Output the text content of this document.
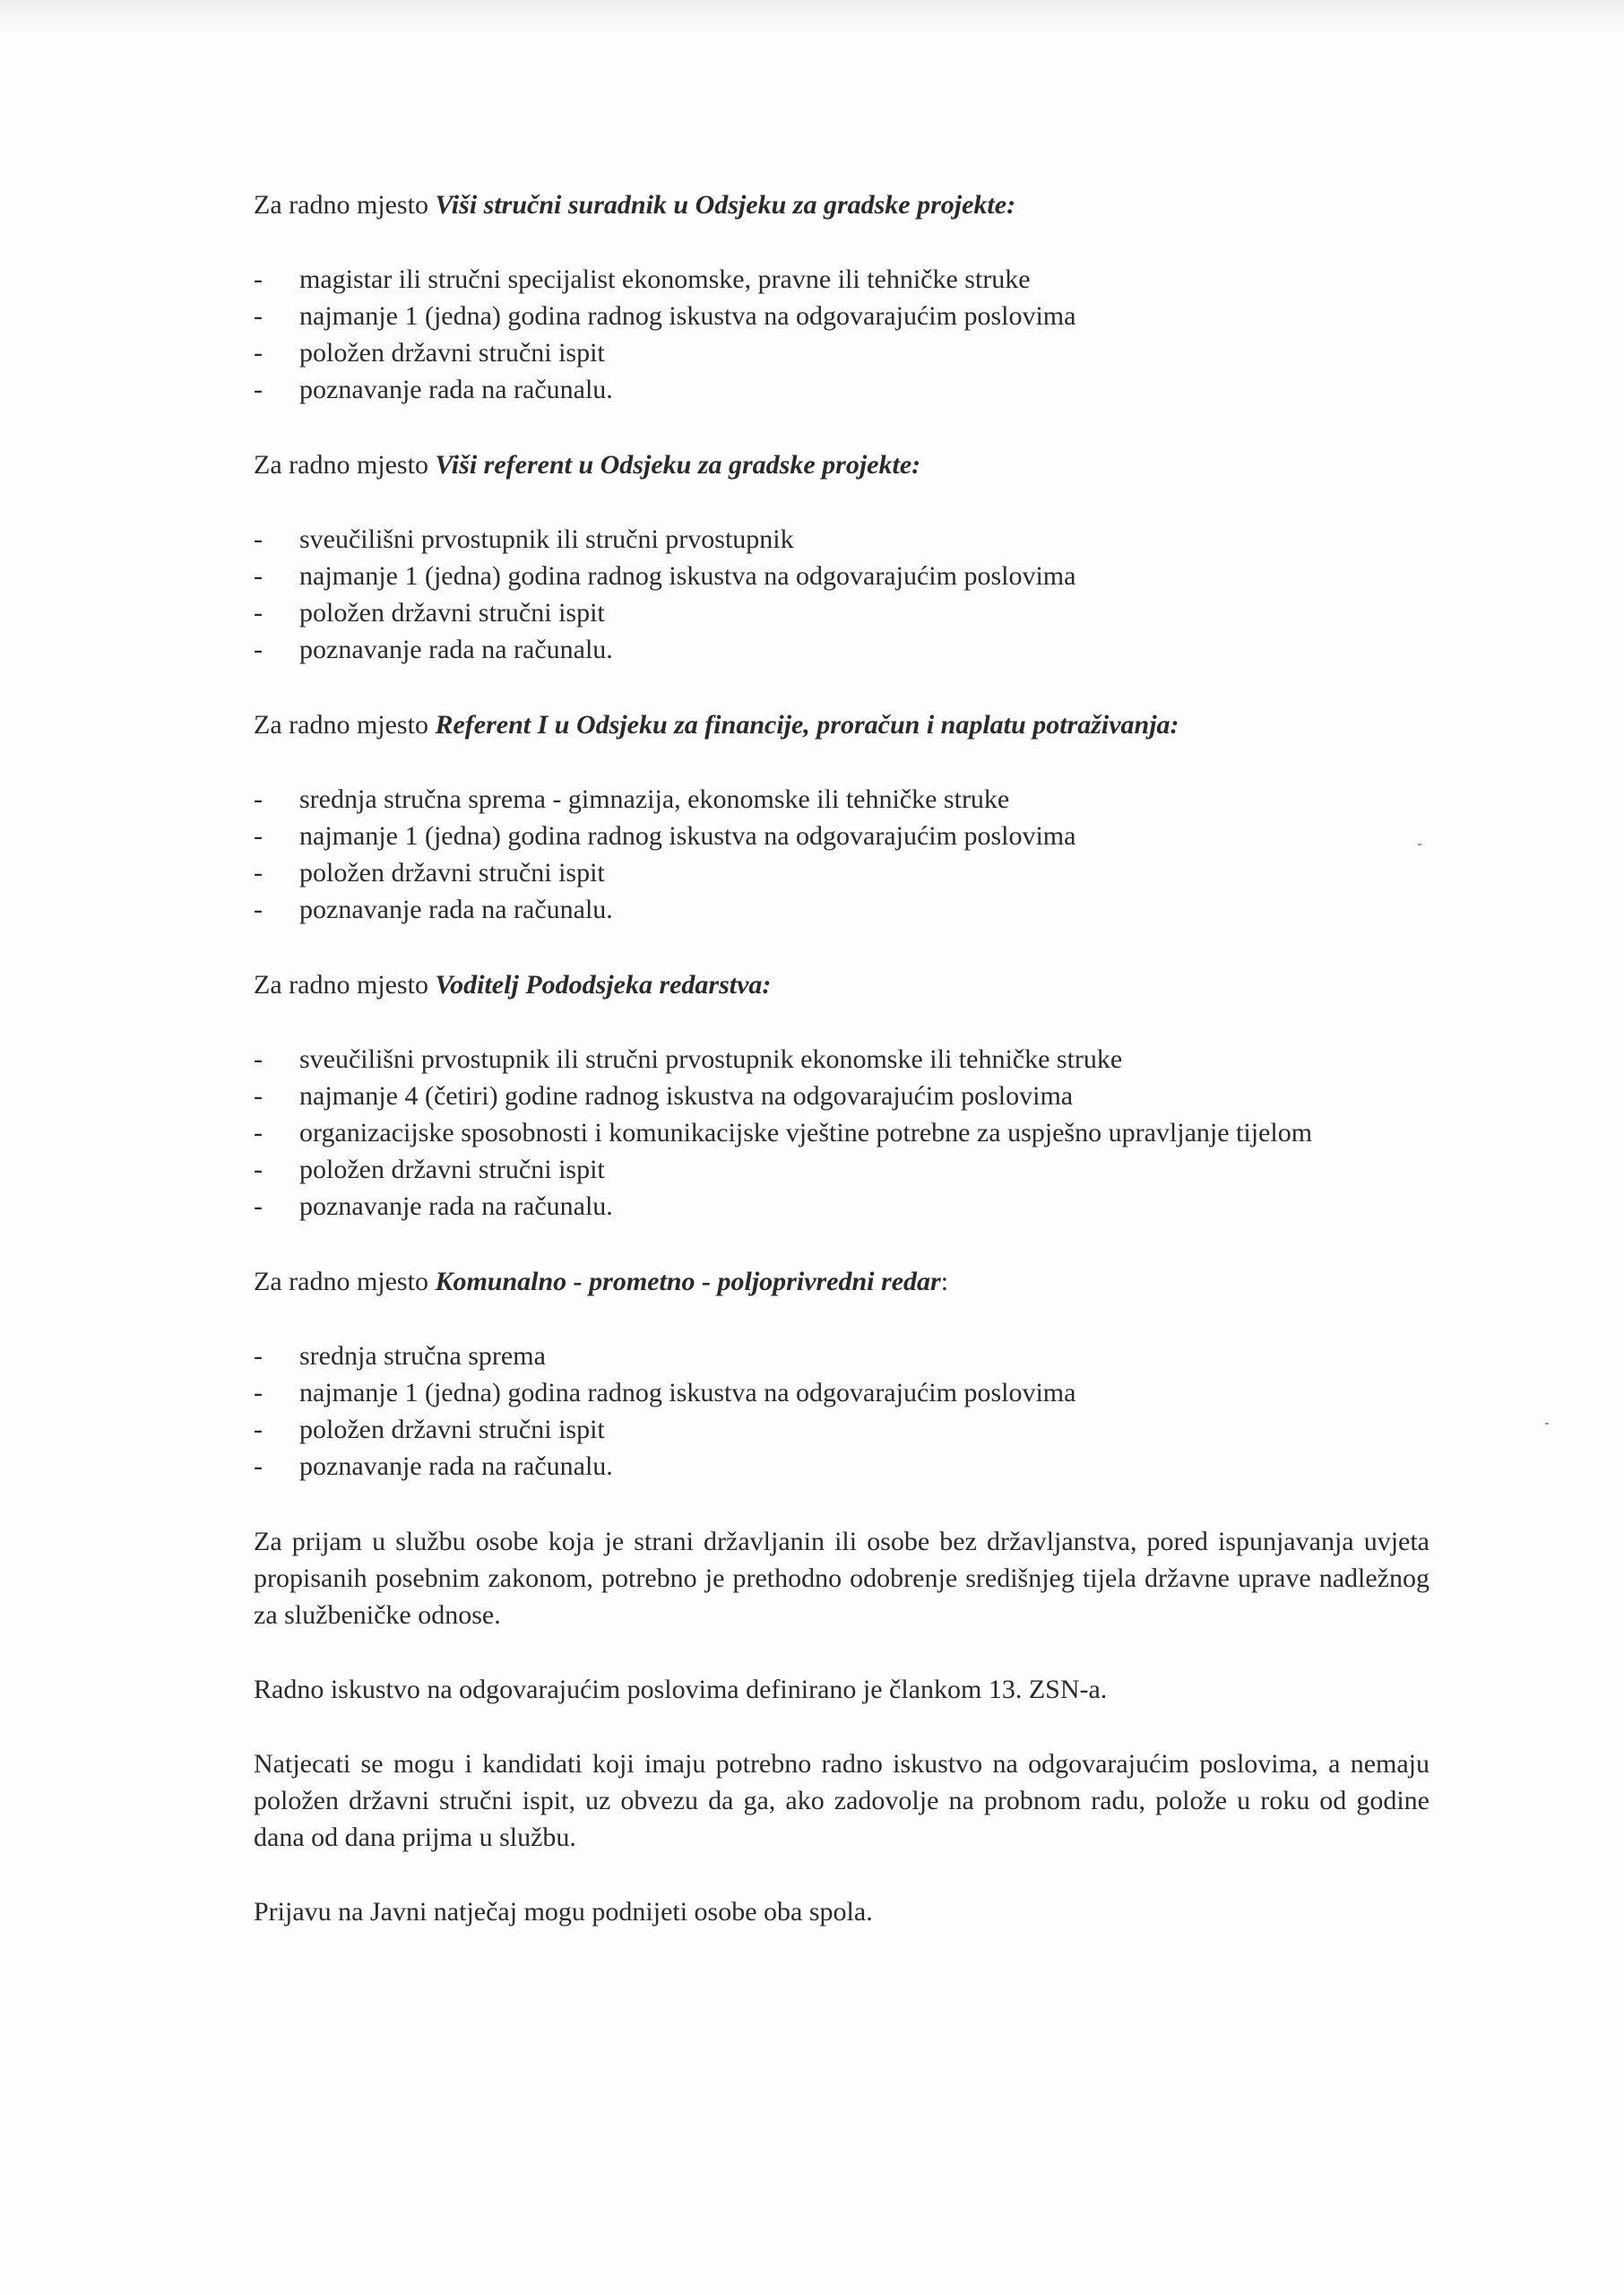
Za radno mjesto Viši stručni suradnik u Odsjeku za gradske projekte:

- magistar ili stručni specijalist ekonomske, pravne ili tehničke struke
- najmanje 1 (jedna) godina radnog iskustva na odgovarajućim poslovima
- položen državni stručni ispit
- poznavanje rada na računalu.

Za radno mjesto Viši referent u Odsjeku za gradske projekte:

- sveučilišni prvostupnik ili stručni prvostupnik
- najmanje 1 (jedna) godina radnog iskustva na odgovarajućim poslovima
- položen državni stručni ispit
- poznavanje rada na računalu.

Za radno mjesto Referent I u Odsjeku za financije, proračun i naplatu potraživanja:

- srednja stručna sprema - gimnazija, ekonomske ili tehničke struke
- najmanje 1 (jedna) godina radnog iskustva na odgovarajućim poslovima
- položen državni stručni ispit
- poznavanje rada na računalu.

Za radno mjesto Voditelj Pododsjeka redarstva:

- sveučilišni prvostupnik ili stručni prvostupnik ekonomske ili tehničke struke
- najmanje 4 (četiri) godine radnog iskustva na odgovarajućim poslovima
- organizacijske sposobnosti i komunikacijske vještine potrebne za uspješno upravljanje tijelom
- položen državni stručni ispit
- poznavanje rada na računalu.

Za radno mjesto Komunalno - prometno - poljoprivredni redar:

- srednja stručna sprema
- najmanje 1 (jedna) godina radnog iskustva na odgovarajućim poslovima
- položen državni stručni ispit
- poznavanje rada na računalu.

Za prijam u službu osobe koja je strani državljanin ili osobe bez državljanstva, pored ispunjavanja uvjeta propisanih posebnim zakonom, potrebno je prethodno odobrenje središnjeg tijela državne uprave nadležnog za službeničke odnose.

Radno iskustvo na odgovarajućim poslovima definirano je člankom 13. ZSN-a.

Natjecati se mogu i kandidati koji imaju potrebno radno iskustvo na odgovarajućim poslovima, a nemaju položen državni stručni ispit, uz obvezu da ga, ako zadovolje na probnom radu, polože u roku od godine dana od dana prijma u službu.

Prijavu na Javni natječaj mogu podnijeti osobe oba spola.
